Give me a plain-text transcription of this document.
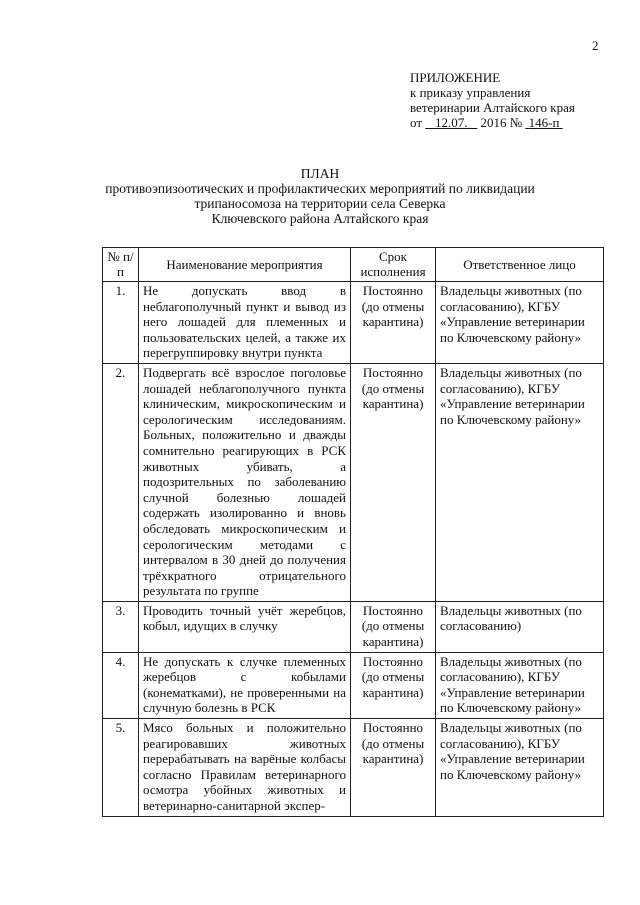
2
ПРИЛОЖЕНИЕ
к приказу управления
ветеринарии Алтайского края
от 12.07. 2016 № 146-п
ПЛАН
противоэпизоотических и профилактических мероприятий по ликвидации
трипаносомоза на территории села Северка
Ключевского района Алтайского края
№ п/п	Наименование мероприятия	Срок исполнения	Ответственное лицо
1.	Не допускать ввод в неблагополучный пункт и вывод из него лошадей для племенных и пользовательских целей, а также их перегруппировку внутри пункта	Постоянно (до отмены карантина)	Владельцы животных (по согласованию), КГБУ «Управление ветеринарии по Ключевскому району»
2.	Подвергать всё взрослое поголовье лошадей неблагополучного пункта клиническим, микроскопическим и серологическим исследованиям. Больных, положительно и дважды сомнительно реагирующих в РСК животных убивать, а подозрительных по заболеванию случной болезнью лошадей содержать изолированно и вновь обследовать микроскопическим и серологическим методами с интервалом в 30 дней до получения трёхкратного отрицательного результата по группе	Постоянно (до отмены карантина)	Владельцы животных (по согласованию), КГБУ «Управление ветеринарии по Ключевскому району»
3.	Проводить точный учёт жеребцов, кобыл, идущих в случку	Постоянно (до отмены карантина)	Владельцы животных (по согласованию)
4.	Не допускать к случке племенных жеребцов с кобылами (конематками), не проверенными на случную болезнь в РСК	Постоянно (до отмены карантина)	Владельцы животных (по согласованию), КГБУ «Управление ветеринарии по Ключевскому району»
5.	Мясо больных и положительно реагировавших животных перерабатывать на варёные колбасы согласно Правилам ветеринарного осмотра убойных животных и ветеринарно-санитарной экспер-	Постоянно (до отмены карантина)	Владельцы животных (по согласованию), КГБУ «Управление ветеринарии по Ключевскому району»
